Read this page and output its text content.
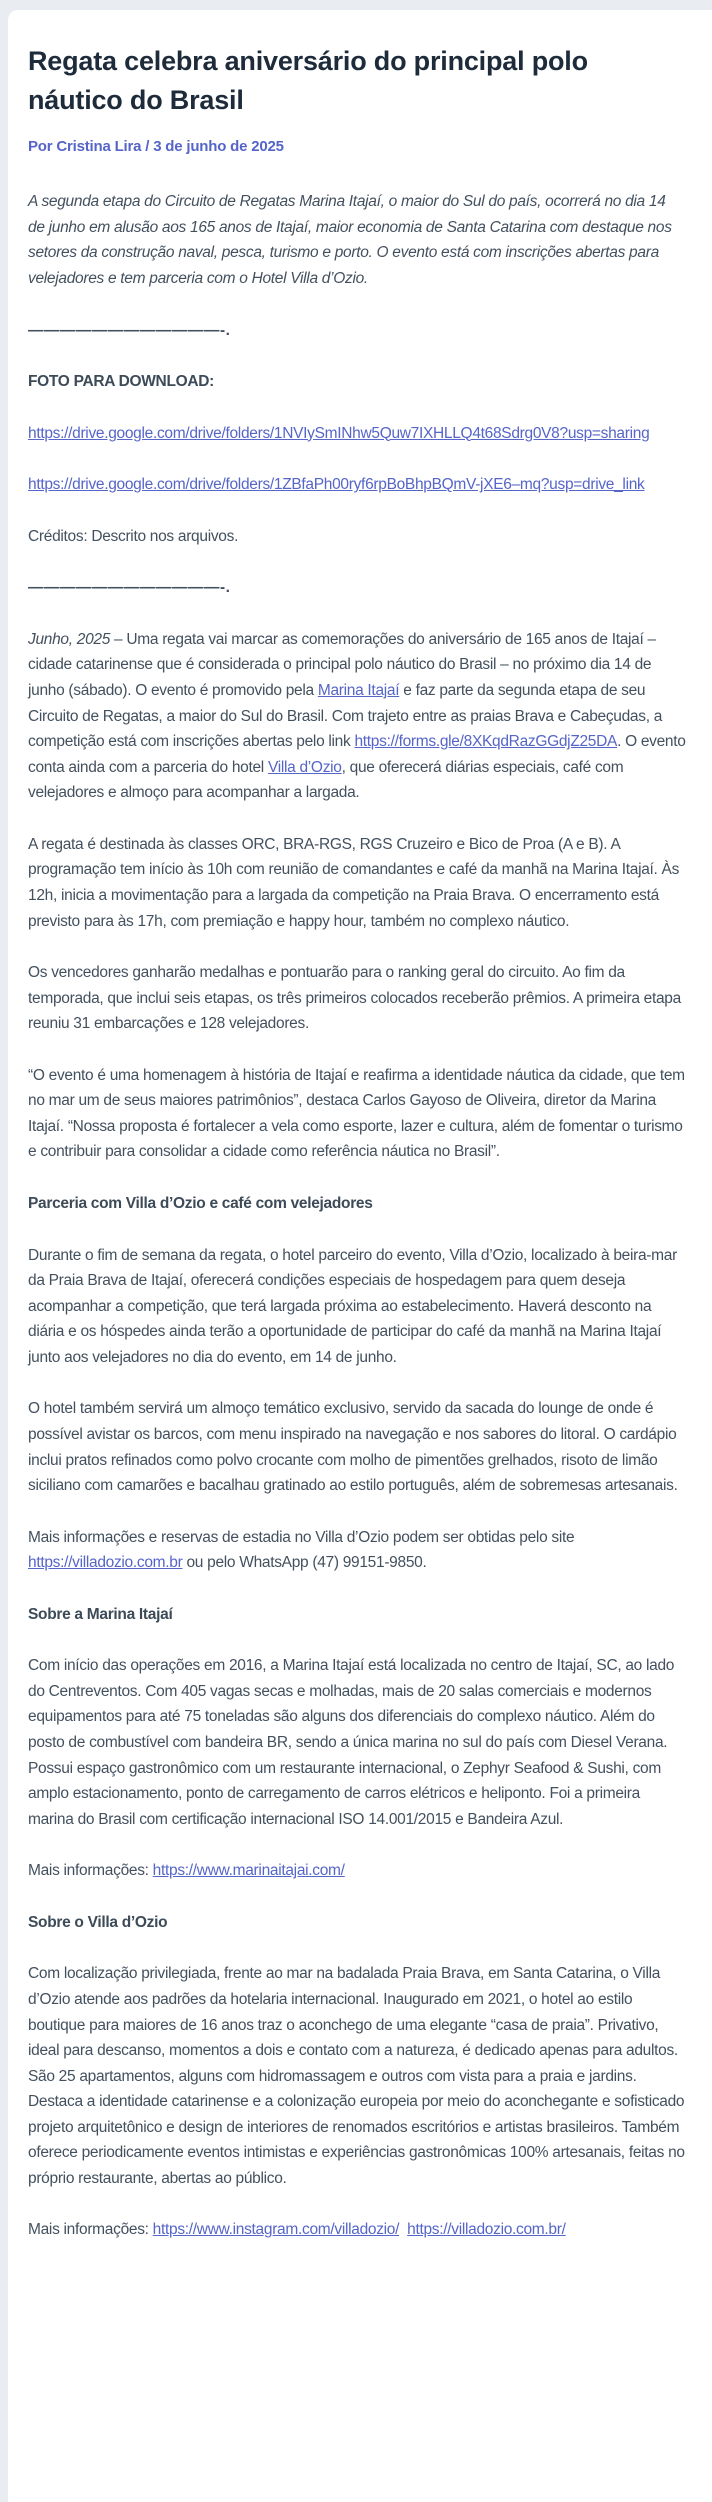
Regata celebra aniversário do principal polo náutico do Brasil
Por Cristina Lira / 3 de junho de 2025

A segunda etapa do Circuito de Regatas Marina Itajaí, o maior do Sul do país, ocorrerá no dia 14 de junho em alusão aos 165 anos de Itajaí, maior economia de Santa Catarina com destaque nos setores da construção naval, pesca, turismo e porto. O evento está com inscrições abertas para velejadores e tem parceria com o Hotel Villa d’Ozio.

————————————-.

FOTO PARA DOWNLOAD:

https://drive.google.com/drive/folders/1NVIySmINhw5Quw7IXHLLQ4t68Sdrg0V8?usp=sharing

https://drive.google.com/drive/folders/1ZBfaPh00ryf6rpBoBhpBQmV-jXE6–mq?usp=drive_link

Créditos: Descrito nos arquivos.

————————————-.

Junho, 2025 – Uma regata vai marcar as comemorações do aniversário de 165 anos de Itajaí – cidade catarinense que é considerada o principal polo náutico do Brasil – no próximo dia 14 de junho (sábado). O evento é promovido pela Marina Itajaí e faz parte da segunda etapa de seu Circuito de Regatas, a maior do Sul do Brasil. Com trajeto entre as praias Brava e Cabeçudas, a competição está com inscrições abertas pelo link https://forms.gle/8XKqdRazGGdjZ25DA. O evento conta ainda com a parceria do hotel Villa d’Ozio, que oferecerá diárias especiais, café com velejadores e almoço para acompanhar a largada.

A regata é destinada às classes ORC, BRA-RGS, RGS Cruzeiro e Bico de Proa (A e B). A programação tem início às 10h com reunião de comandantes e café da manhã na Marina Itajaí. Às 12h, inicia a movimentação para a largada da competição na Praia Brava. O encerramento está previsto para às 17h, com premiação e happy hour, também no complexo náutico.

Os vencedores ganharão medalhas e pontuarão para o ranking geral do circuito. Ao fim da temporada, que inclui seis etapas, os três primeiros colocados receberão prêmios. A primeira etapa reuniu 31 embarcações e 128 velejadores.

“O evento é uma homenagem à história de Itajaí e reafirma a identidade náutica da cidade, que tem no mar um de seus maiores patrimônios”, destaca Carlos Gayoso de Oliveira, diretor da Marina Itajaí. “Nossa proposta é fortalecer a vela como esporte, lazer e cultura, além de fomentar o turismo e contribuir para consolidar a cidade como referência náutica no Brasil”.

Parceria com Villa d’Ozio e café com velejadores

Durante o fim de semana da regata, o hotel parceiro do evento, Villa d’Ozio, localizado à beira-mar da Praia Brava de Itajaí, oferecerá condições especiais de hospedagem para quem deseja acompanhar a competição, que terá largada próxima ao estabelecimento. Haverá desconto na diária e os hóspedes ainda terão a oportunidade de participar do café da manhã na Marina Itajaí junto aos velejadores no dia do evento, em 14 de junho.

O hotel também servirá um almoço temático exclusivo, servido da sacada do lounge de onde é possível avistar os barcos, com menu inspirado na navegação e nos sabores do litoral. O cardápio inclui pratos refinados como polvo crocante com molho de pimentões grelhados, risoto de limão siciliano com camarões e bacalhau gratinado ao estilo português, além de sobremesas artesanais.

Mais informações e reservas de estadia no Villa d’Ozio podem ser obtidas pelo site https://villadozio.com.br ou pelo WhatsApp (47) 99151-9850.

Sobre a Marina Itajaí

Com início das operações em 2016, a Marina Itajaí está localizada no centro de Itajaí, SC, ao lado do Centreventos. Com 405 vagas secas e molhadas, mais de 20 salas comerciais e modernos equipamentos para até 75 toneladas são alguns dos diferenciais do complexo náutico. Além do posto de combustível com bandeira BR, sendo a única marina no sul do país com Diesel Verana. Possui espaço gastronômico com um restaurante internacional, o Zephyr Seafood & Sushi, com amplo estacionamento, ponto de carregamento de carros elétricos e heliponto. Foi a primeira marina do Brasil com certificação internacional ISO 14.001/2015 e Bandeira Azul.

Mais informações: https://www.marinaitajai.com/

Sobre o Villa d’Ozio

Com localização privilegiada, frente ao mar na badalada Praia Brava, em Santa Catarina, o Villa d’Ozio atende aos padrões da hotelaria internacional. Inaugurado em 2021, o hotel ao estilo boutique para maiores de 16 anos traz o aconchego de uma elegante “casa de praia”. Privativo, ideal para descanso, momentos a dois e contato com a natureza, é dedicado apenas para adultos. São 25 apartamentos, alguns com hidromassagem e outros com vista para a praia e jardins. Destaca a identidade catarinense e a colonização europeia por meio do aconchegante e sofisticado projeto arquitetônico e design de interiores de renomados escritórios e artistas brasileiros. Também oferece periodicamente eventos intimistas e experiências gastronômicas 100% artesanais, feitas no próprio restaurante, abertas ao público.

Mais informações: https://www.instagram.com/villadozio/ https://villadozio.com.br/
